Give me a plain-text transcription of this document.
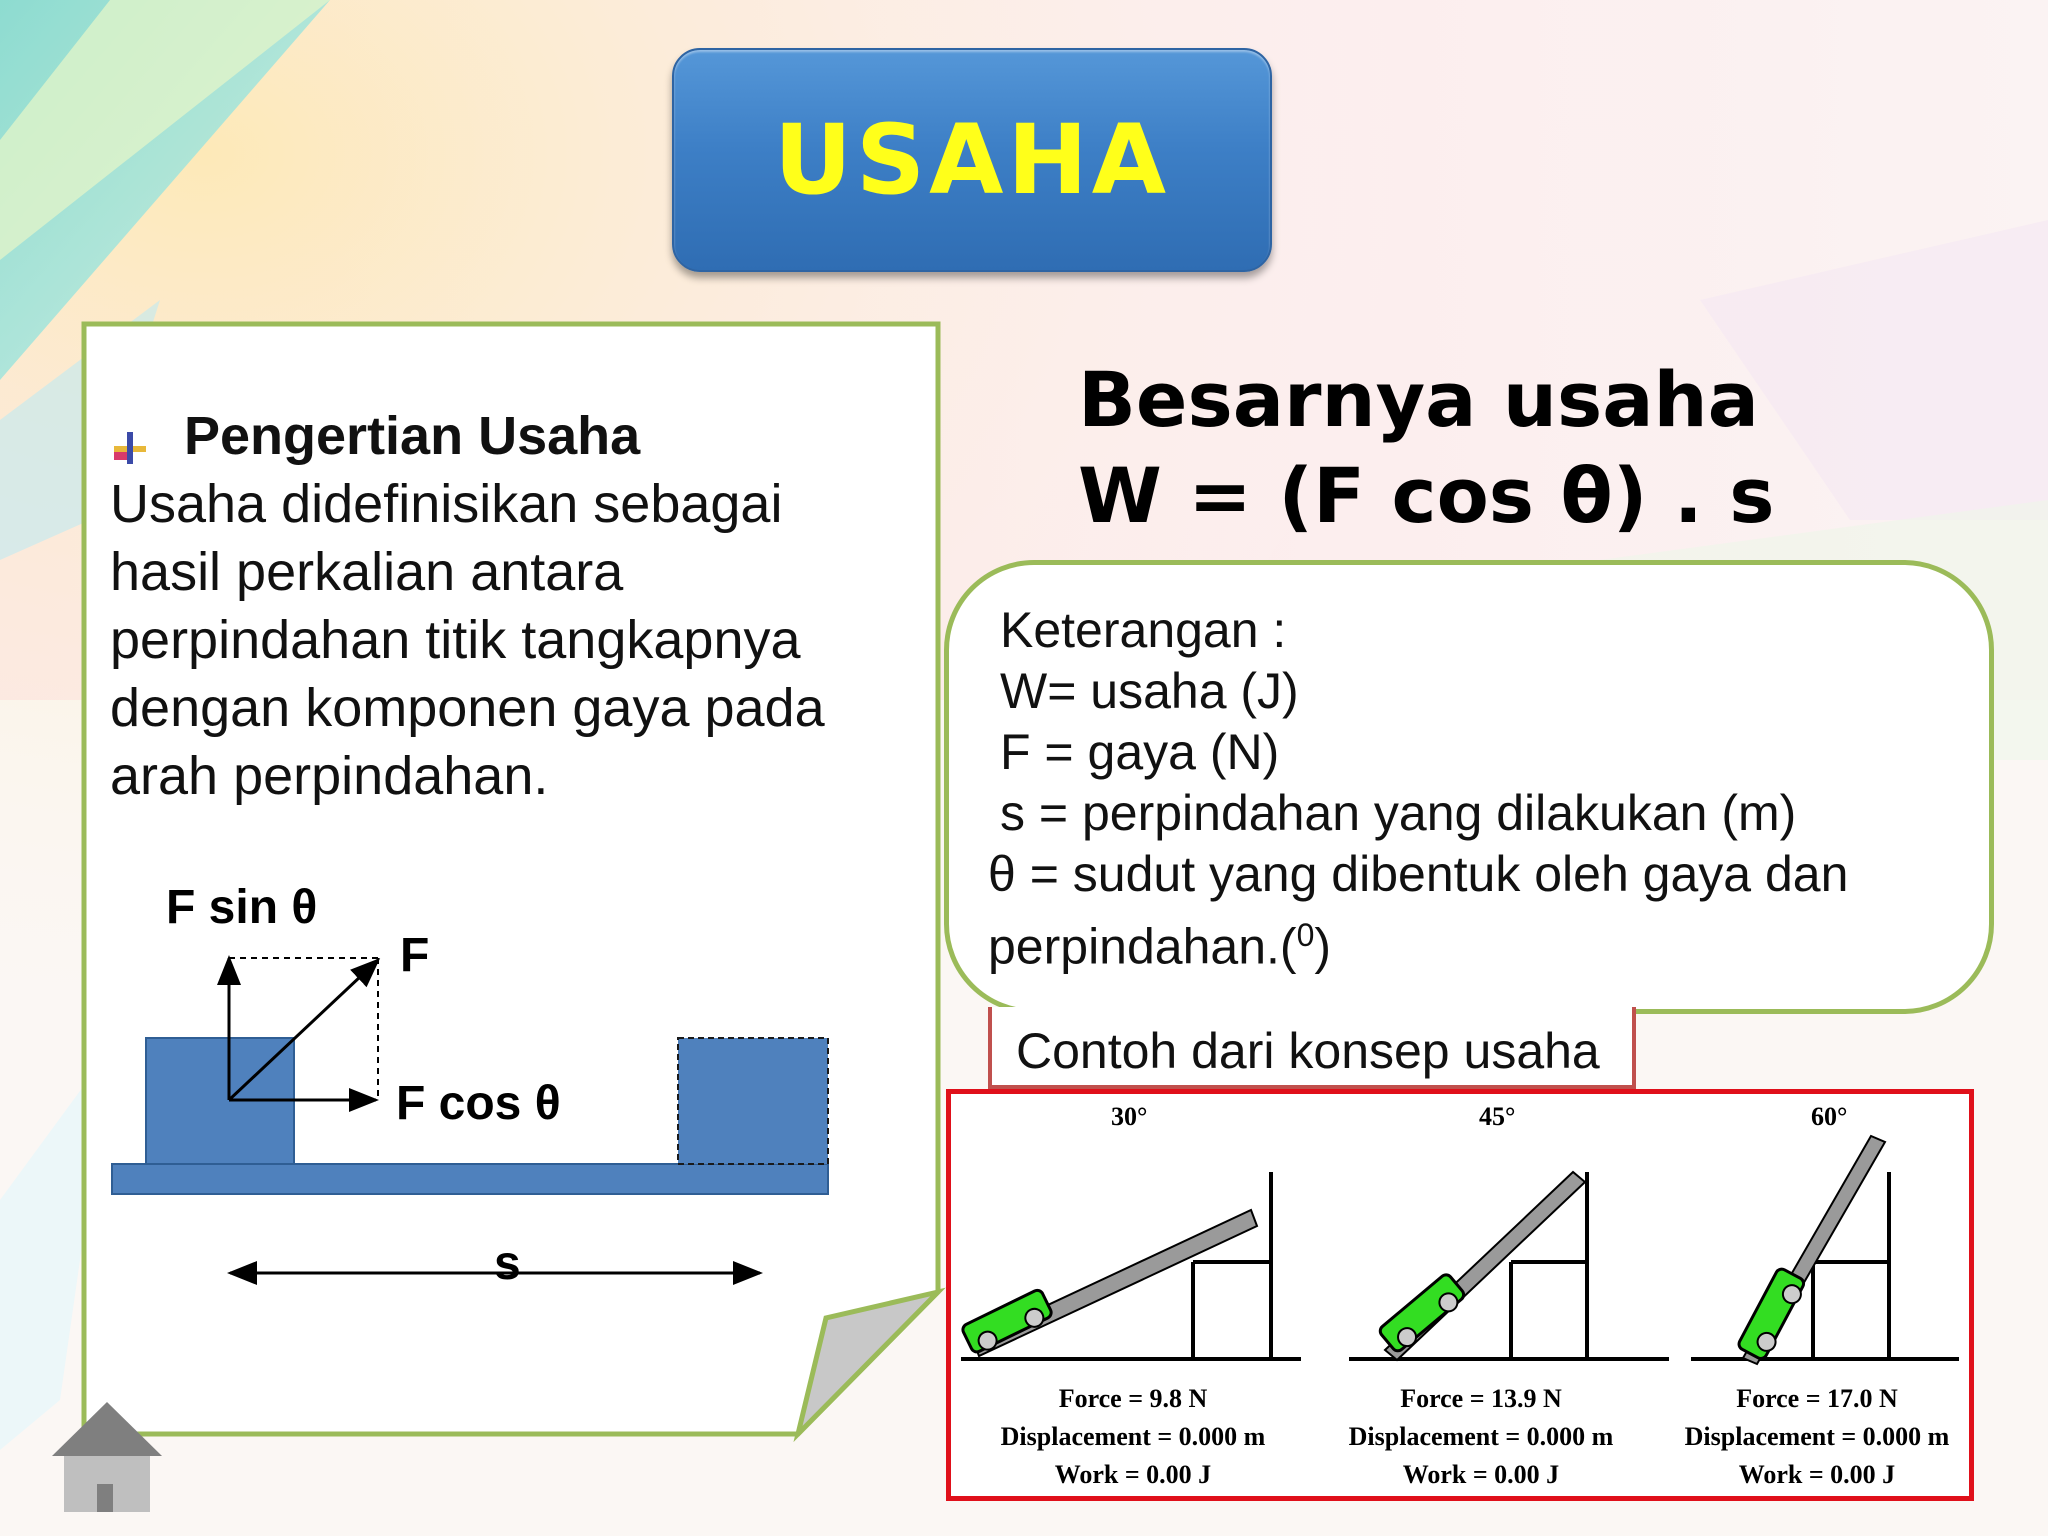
USAHA
Pengertian Usaha
Usaha didefinisikan sebagai
hasil perkalian antara
perpindahan titik tangkapnya
dengan komponen gaya pada
arah perpindahan.
F sin θ
F
F cos θ
s
Besarnya usaha
W = (F cos θ) . s
Keterangan :
W= usaha (J)
F = gaya (N)
s = perpindahan yang dilakukan (m)
θ = sudut yang dibentuk oleh gaya dan
perpindahan.($^0$)
Contoh dari konsep usaha
30°	45°	60°
Force = 9.8 N
Displacement = 0.000 m
Work = 0.00 J
Force = 13.9 N
Displacement = 0.000 m
Work = 0.00 J
Force = 17.0 N
Displacement = 0.000 m
Work = 0.00 J
